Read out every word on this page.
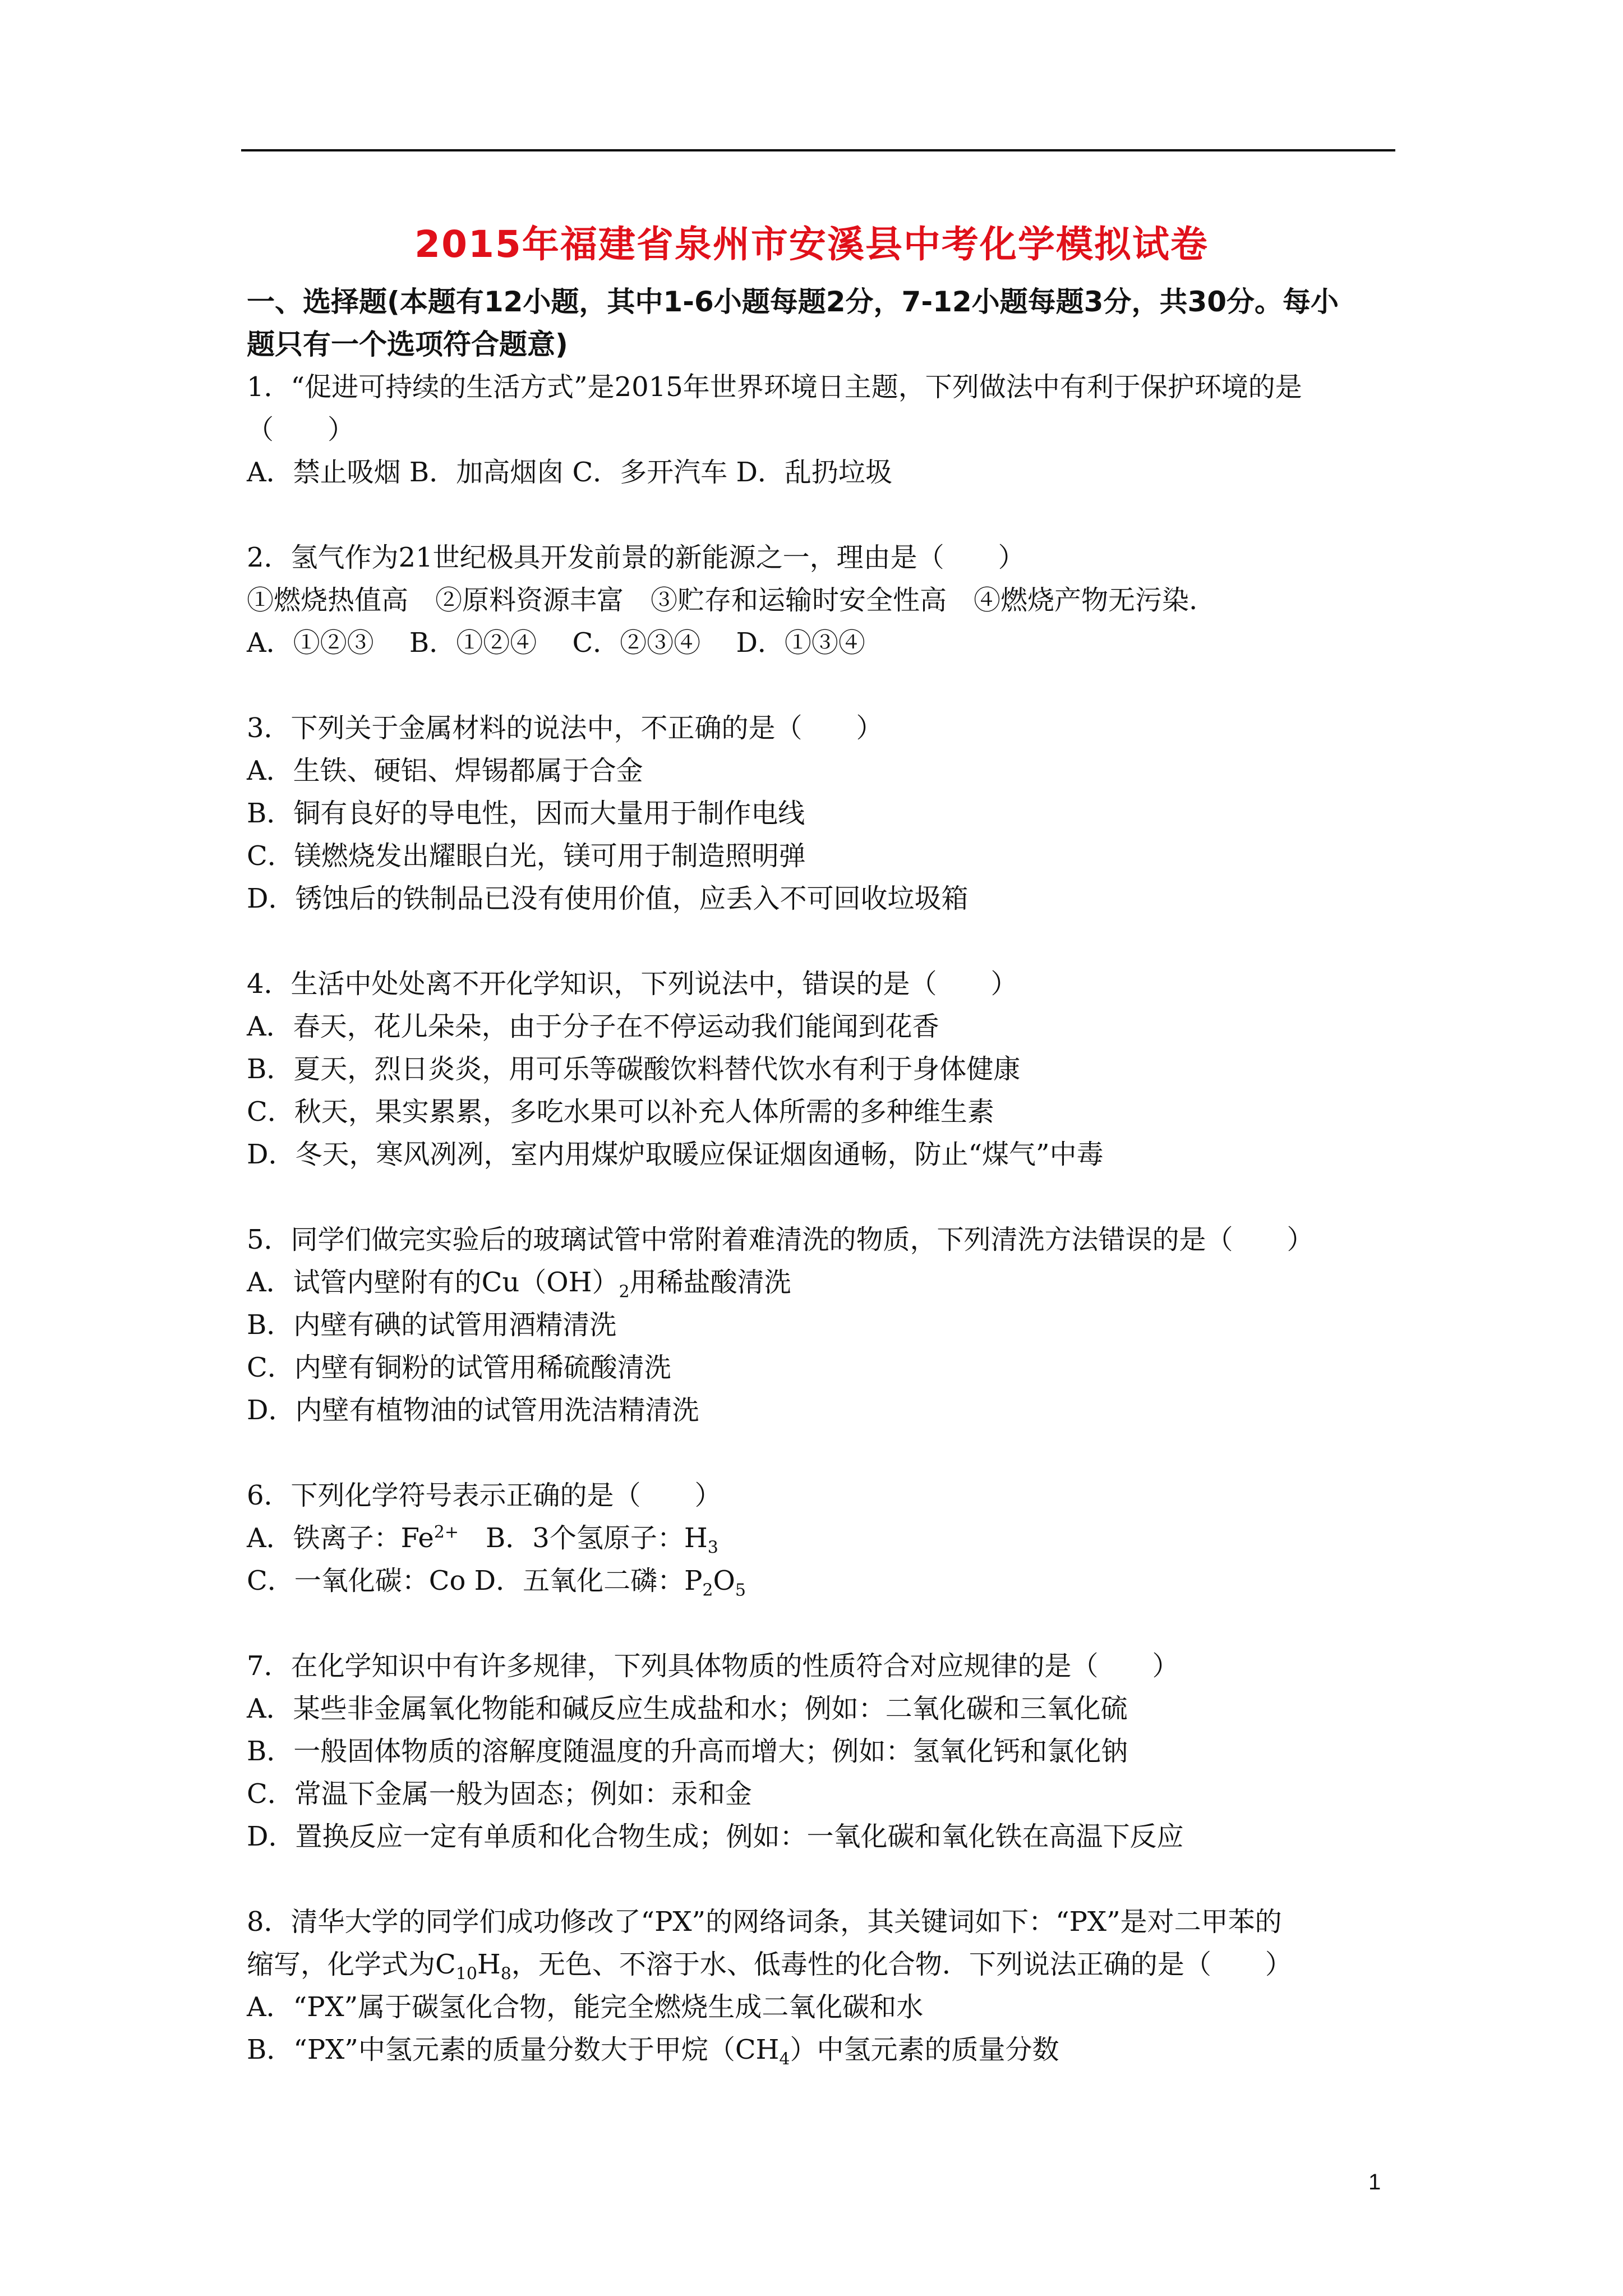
2015年福建省泉州市安溪县中考化学模拟试卷

一、选择题(本题有12小题，其中1-6小题每题2分，7-12小题每题3分，共30分。每小

题只有一个选项符合题意)

1．“促进可持续的生活方式”是2015年世界环境日主题，下列做法中有利于保护环境的是

（　　）

A．禁止吸烟 B．加高烟囱 C．多开汽车 D．乱扔垃圾

2．氢气作为21世纪极具开发前景的新能源之一，理由是（　　）

①燃烧热值高　②原料资源丰富　③贮存和运输时安全性高　④燃烧产物无污染.

A．①②③　 B．①②④　 C．②③④　 D．①③④

3．下列关于金属材料的说法中，不正确的是（　　）

A．生铁、硬铝、焊锡都属于合金

B．铜有良好的导电性，因而大量用于制作电线

C．镁燃烧发出耀眼白光，镁可用于制造照明弹

D．锈蚀后的铁制品已没有使用价值，应丢入不可回收垃圾箱

4．生活中处处离不开化学知识，下列说法中，错误的是（　　）

A．春天，花儿朵朵，由于分子在不停运动我们能闻到花香

B．夏天，烈日炎炎，用可乐等碳酸饮料替代饮水有利于身体健康

C．秋天，果实累累，多吃水果可以补充人体所需的多种维生素

D．冬天，寒风冽冽，室内用煤炉取暖应保证烟囱通畅，防止“煤气”中毒

5．同学们做完实验后的玻璃试管中常附着难清洗的物质，下列清洗方法错误的是（　　）

A．试管内壁附有的$Cu(OH)_2$用稀盐酸清洗

B．内壁有碘的试管用酒精清洗

C．内壁有铜粉的试管用稀硫酸清洗

D．内壁有植物油的试管用洗洁精清洗

6．下列化学符号表示正确的是（　　）

A．铁离子：$Fe^{2+}$　B．3个氢原子：$H_3$

C．一氧化碳：Co D．五氧化二磷：$P_2O_5$

7．在化学知识中有许多规律，下列具体物质的性质符合对应规律的是（　　）

A．某些非金属氧化物能和碱反应生成盐和水；例如：二氧化碳和三氧化硫

B．一般固体物质的溶解度随温度的升高而增大；例如：氢氧化钙和氯化钠

C．常温下金属一般为固态；例如：汞和金

D．置换反应一定有单质和化合物生成；例如：一氧化碳和氧化铁在高温下反应

8．清华大学的同学们成功修改了“PX”的网络词条，其关键词如下：“PX”是对二甲苯的

缩写，化学式为$C_{10}H_8$，无色、不溶于水、低毒性的化合物．下列说法正确的是（　　）

A．“PX”属于碳氢化合物，能完全燃烧生成二氧化碳和水

B．“PX”中氢元素的质量分数大于甲烷$(CH_4)$中氢元素的质量分数

1
